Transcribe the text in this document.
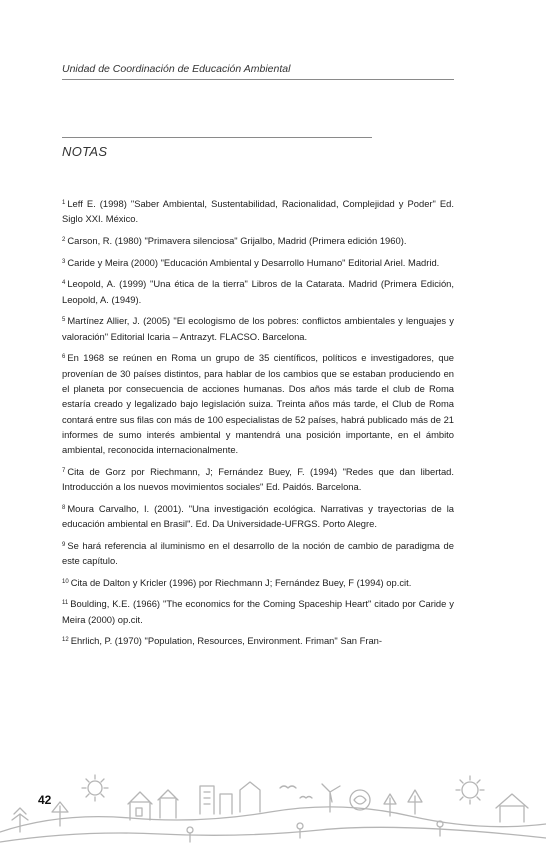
Unidad de Coordinación de Educación Ambiental
NOTAS

$^1$ Leff E. (1998) "Saber Ambiental, Sustentabilidad, Racionalidad, Complejidad y Poder" Ed. Siglo XXI. México.

$^2$ Carson, R. (1980) "Primavera silenciosa" Grijalbo, Madrid (Primera edición 1960).

$^3$ Caride y Meira (2000) "Educación Ambiental y Desarrollo Humano" Editorial Ariel. Madrid.

$^4$ Leopold, A. (1999) "Una ética de la tierra" Libros de la Catarata. Madrid (Primera Edición, Leopold, A. (1949).

$^5$ Martínez Allier, J. (2005) "El ecologismo de los pobres: conflictos ambientales y lenguajes y valoración" Editorial Icaria – Antrazyt. FLACSO. Barcelona.

$^6$ En 1968 se reúnen en Roma un grupo de 35 científicos, políticos e investigadores, que provenían de 30 países distintos, para hablar de los cambios que se estaban produciendo en el planeta por consecuencia de acciones humanas. Dos años más tarde el club de Roma estaría creado y legalizado bajo legislación suiza. Treinta años más tarde, el Club de Roma contará entre sus filas con más de 100 especialistas de 52 países, habrá publicado más de 21 informes de sumo interés ambiental y mantendrá una posición importante, en el ámbito ambiental, reconocida internacionalmente.

$^7$ Cita de Gorz por Riechmann, J; Fernández Buey, F. (1994) "Redes que dan libertad. Introducción a los nuevos movimientos sociales" Ed. Paidós. Barcelona.

$^8$ Moura Carvalho, I. (2001). "Una investigación ecológica. Narrativas y trayectorias de la educación ambiental en Brasil". Ed. Da Universidade-UFRGS. Porto Alegre.

$^9$ Se hará referencia al iluminismo en el desarrollo de la noción de cambio de paradigma de este capítulo.

$^{10}$ Cita de Dalton y Kricler (1996) por Riechmann J; Fernández Buey, F (1994) op.cit.

$^{11}$ Boulding, K.E. (1966) "The economics for the Coming Spaceship Heart" citado por Caride y Meira (2000) op.cit.

$^{12}$ Ehrlich, P. (1970) "Population, Resources, Environment. Friman" San Fran-

42
